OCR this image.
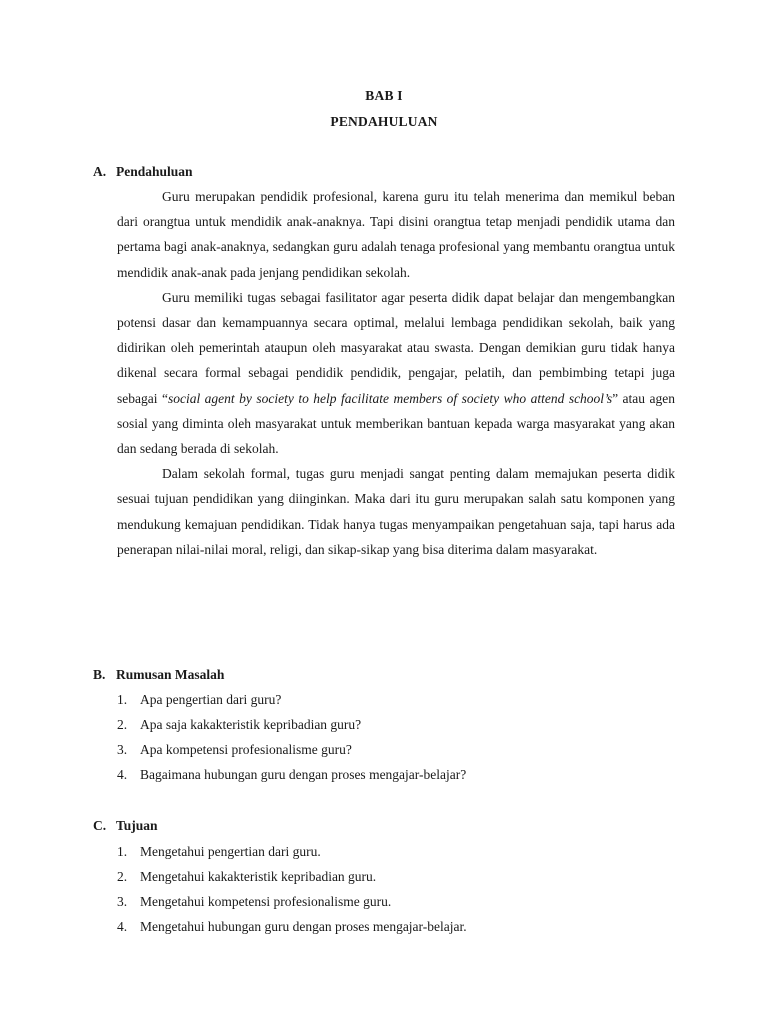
BAB I
PENDAHULUAN
A. Pendahuluan

Guru merupakan pendidik profesional, karena guru itu telah menerima dan memikul beban dari orangtua untuk mendidik anak-anaknya. Tapi disini orangtua tetap menjadi pendidik utama dan pertama bagi anak-anaknya, sedangkan guru adalah tenaga profesional yang membantu orangtua untuk mendidik anak-anak pada jenjang pendidikan sekolah.

Guru memiliki tugas sebagai fasilitator agar peserta didik dapat belajar dan mengembangkan potensi dasar dan kemampuannya secara optimal, melalui lembaga pendidikan sekolah, baik yang didirikan oleh pemerintah ataupun oleh masyarakat atau swasta. Dengan demikian guru tidak hanya dikenal secara formal sebagai pendidik pendidik, pengajar, pelatih, dan pembimbing tetapi juga sebagai “social agent by society to help facilitate members of society who attend school’s” atau agen sosial yang diminta oleh masyarakat untuk memberikan bantuan kepada warga masyarakat yang akan dan sedang berada di sekolah.

Dalam sekolah formal, tugas guru menjadi sangat penting dalam memajukan peserta didik sesuai tujuan pendidikan yang diinginkan. Maka dari itu guru merupakan salah satu komponen yang mendukung kemajuan pendidikan. Tidak hanya tugas menyampaikan pengetahuan saja, tapi harus ada penerapan nilai-nilai moral, religi, dan sikap-sikap yang bisa diterima dalam masyarakat.

B. Rumusan Masalah
1. Apa pengertian dari guru?
2. Apa saja kakakteristik kepribadian guru?
3. Apa kompetensi profesionalisme guru?
4. Bagaimana hubungan guru dengan proses mengajar-belajar?
C. Tujuan
1. Mengetahui pengertian dari guru.
2. Mengetahui kakakteristik kepribadian guru.
3. Mengetahui kompetensi profesionalisme guru.
4. Mengetahui hubungan guru dengan proses mengajar-belajar.
